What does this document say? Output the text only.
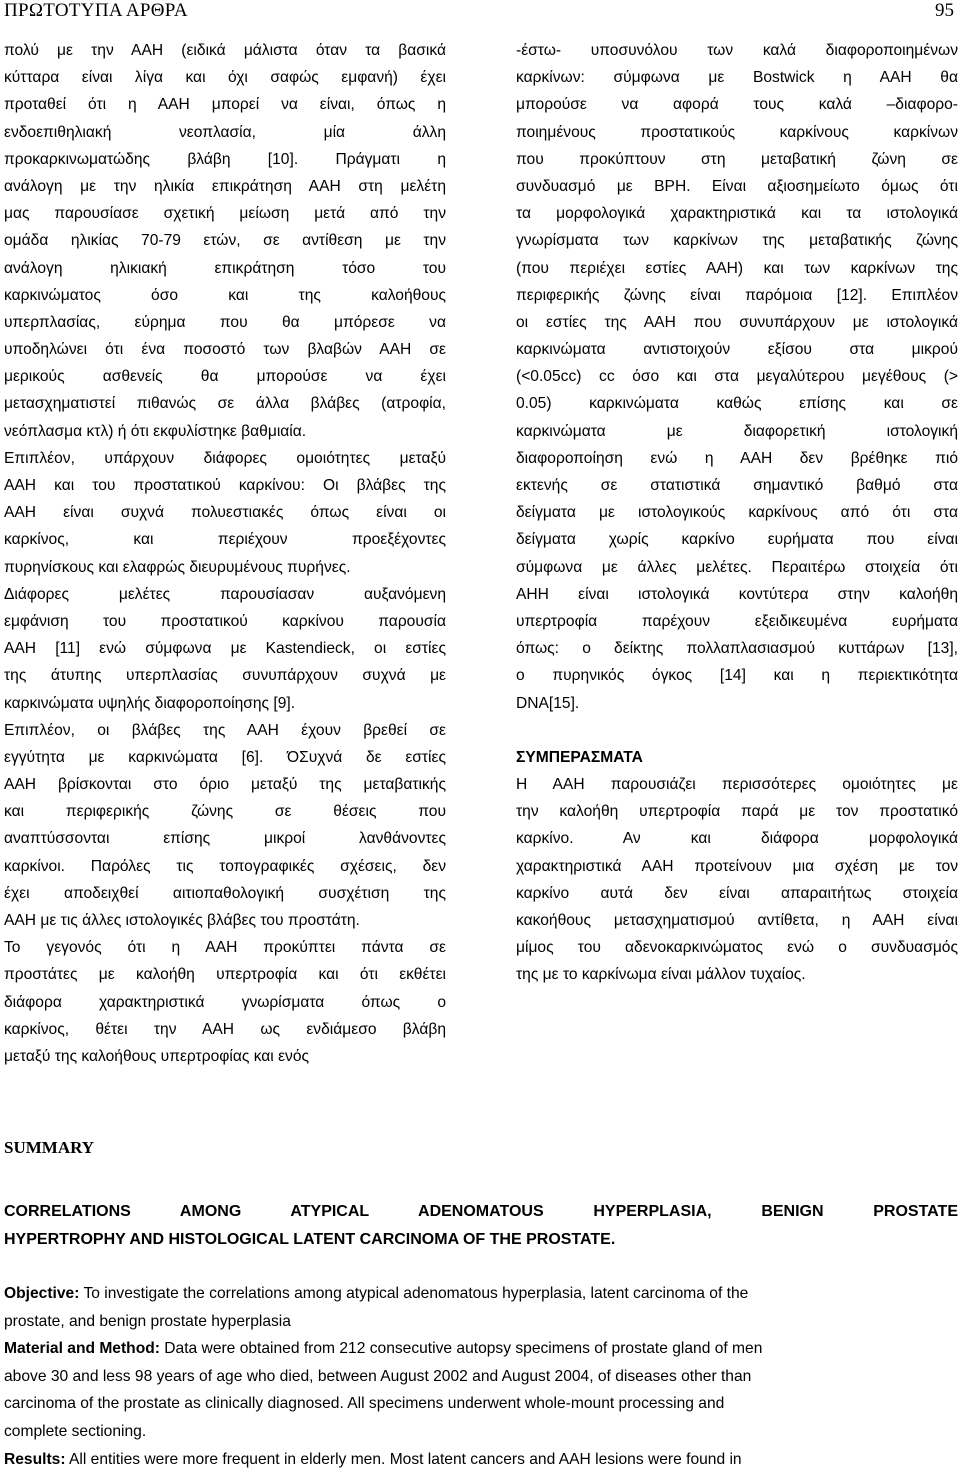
ΠΡΩΤΟΤΥΠΑ ΑΡΘΡΑ	95
πολύ με την ΑΑΗ (ειδικά μάλιστα όταν τα βασικά
κύτταρα είναι λίγα και όχι σαφώς εμφανή) έχει
προταθεί ότι η ΑΑΗ μπορεί να είναι, όπως η
ενδοεπιθηλιακή νεοπλασία, μία άλλη
προκαρκινωματώδης βλάβη [10]. Πράγματι η
ανάλογη με την ηλικία επικράτηση ΑΑΗ στη μελέτη
μας παρουσίασε σχετική μείωση μετά από την
ομάδα ηλικίας 70-79 ετών, σε αντίθεση με την
ανάλογη ηλικιακή επικράτηση τόσο του
καρκινώματος όσο και της καλοήθους
υπερπλασίας, εύρημα που θα μπόρεσε να
υποδηλώνει ότι ένα ποσοστό των βλαβών ΑΑΗ σε
μερικούς ασθενείς θα μπορούσε να έχει
μετασχηματιστεί πιθανώς σε άλλα βλάβες (ατροφία,
νεόπλασμα κτλ) ή ότι εκφυλίστηκε βαθμιαία.
Επιπλέον, υπάρχουν διάφορες ομοιότητες μεταξύ
ΑΑΗ και του προστατικού καρκίνου: Οι βλάβες της
ΑΑΗ είναι συχνά πολυεστιακές όπως είναι οι
καρκίνος, και περιέχουν προεξέχοντες
πυρηνίσκους και ελαφρώς διευρυμένους πυρήνες.
Διάφορες μελέτες παρουσίασαν αυξανόμενη
εμφάνιση του προστατικού καρκίνου παρουσία
ΑΑΗ [11] ενώ σύμφωνα με Kastendieck, οι εστίες
της άτυπης υπερπλασίας συνυπάρχουν συχνά με
καρκινώματα υψηλής διαφοροποίησης [9].
Επιπλέον, οι βλάβες της ΑΑΗ έχουν βρεθεί σε
εγγύτητα με καρκινώματα [6]. ΌΣυχνά δε εστίες
ΑΑΗ βρίσκονται στο όριο μεταξύ της μεταβατικής
και περιφερικής ζώνης σε θέσεις που
αναπτύσσονται επίσης μικροί λανθάνοντες
καρκίνοι. Παρόλες τις τοπογραφικές σχέσεις, δεν
έχει αποδειχθεί αιτιοπαθολογική συσχέτιση της
ΑΑΗ με τις άλλες ιστολογικές βλάβες του προστάτη.
Το γεγονός ότι η ΑΑΗ προκύπτει πάντα σε
προστάτες με καλοήθη υπερτροφία και ότι εκθέτει
διάφορα χαρακτηριστικά γνωρίσματα όπως ο
καρκίνος, θέτει την ΑΑΗ ως ενδιάμεσο βλάβη
μεταξύ της καλοήθους υπερτροφίας και ενός
-έστω- υποσυνόλου των καλά διαφοροποιημένων
καρκίνων: σύμφωνα με Bostwick η ΑΑΗ θα
μπορούσε να αφορά τους καλά –διαφορο-
ποιημένους προστατικούς καρκίνους καρκίνων
που προκύπτουν στη μεταβατική ζώνη σε
συνδυασμό με ΒΡΗ. Είναι αξιοσημείωτο όμως ότι
τα μορφολογικά χαρακτηριστικά και τα ιστολογικά
γνωρίσματα των καρκίνων της μεταβατικής ζώνης
(που περιέχει εστίες ΑΑΗ) και των καρκίνων της
περιφερικής ζώνης είναι παρόμοια [12]. Επιπλέον
οι εστίες της ΑΑΗ που συνυπάρχουν με ιστολογικά
καρκινώματα αντιστοιχούν εξίσου στα μικρού
(<0.05cc) cc όσο και στα μεγαλύτερου μεγέθους (>
0.05) καρκινώματα καθώς επίσης και σε
καρκινώματα με διαφορετική ιστολογική
διαφοροποίηση ενώ η ΑΑΗ δεν βρέθηκε πιό
εκτενής σε στατιστικά σημαντικό βαθμό στα
δείγματα με ιστολογικούς καρκίνους από ότι στα
δείγματα χωρίς καρκίνο ευρήματα που είναι
σύμφωνα με άλλες μελέτες. Περαιτέρω στοιχεία ότι
ΑΗΗ είναι ιστολογικά κοντύτερα στην καλοήθη
υπερτροφία παρέχουν εξειδικευμένα ευρήματα
όπως: ο δείκτης πολλαπλασιασμού κυττάρων [13],
ο πυρηνικός όγκος [14] και η περιεκτικότητα
DNA[15].
ΣΥΜΠΕΡΑΣΜΑΤΑ
Η ΑΑΗ παρουσιάζει περισσότερες ομοιότητες με
την καλοήθη υπερτροφία παρά με τον προστατικό
καρκίνο. Αν και διάφορα μορφολογικά
χαρακτηριστικά ΑΑΗ προτείνουν μια σχέση με τον
καρκίνο αυτά δεν είναι απαραιτήτως στοιχεία
κακοήθους μετασχηματισμού αντίθετα, η ΑΑΗ είναι
μίμος του αδενοκαρκινώματος ενώ ο συνδυασμός
της με το καρκίνωμα είναι μάλλον τυχαίος.
SUMMARY
CORRELATIONS AMONG ATYPICAL ADENOMATOUS HYPERPLASIA, BENIGN PROSTATE
HYPERTROPHY AND HISTOLOGICAL LATENT CARCINOMA OF THE PROSTATE.
Objective: To investigate the correlations among atypical adenomatous hyperplasia, latent carcinoma of the
prostate, and benign prostate hyperplasia
Material and Method: Data were obtained from 212 consecutive autopsy specimens of prostate gland of men
above 30 and less 98 years of age who died, between August 2002 and August 2004, of diseases other than
carcinoma of the prostate as clinically diagnosed. All specimens underwent whole-mount processing and
complete sectioning.
Results: All entities were more frequent in elderly men. Most latent cancers and AAH lesions were found in
